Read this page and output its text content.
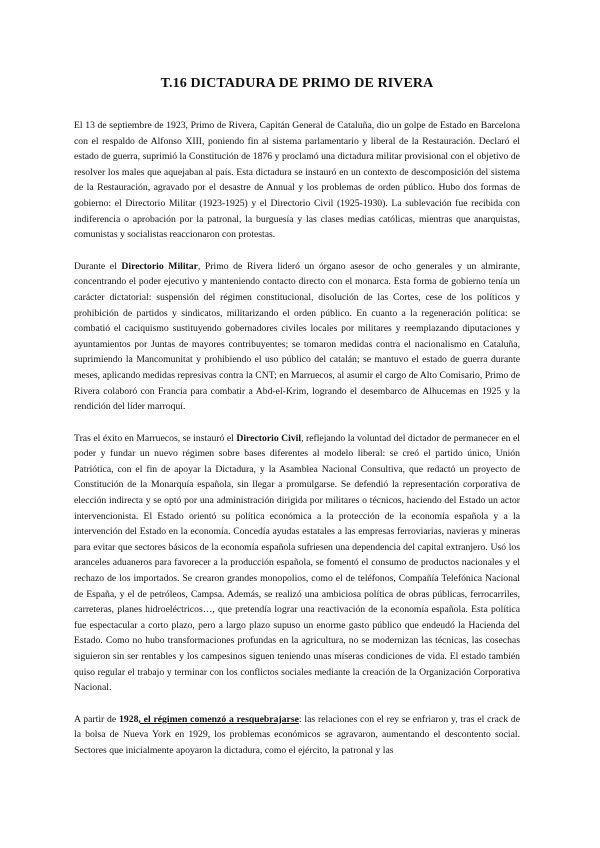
T.16 DICTADURA DE PRIMO DE RIVERA

El 13 de septiembre de 1923, Primo de Rivera, Capitán General de Cataluña, dio un golpe de Estado en Barcelona con el respaldo de Alfonso XIII, poniendo fin al sistema parlamentario y liberal de la Restauración. Declaró el estado de guerra, suprimió la Constitución de 1876 y proclamó una dictadura militar provisional con el objetivo de resolver los males que aquejaban al país. Esta dictadura se instauró en un contexto de descomposición del sistema de la Restauración, agravado por el desastre de Annual y los problemas de orden público. Hubo dos formas de gobierno: el Directorio Militar (1923-1925) y el Directorio Civil (1925-1930). La sublevación fue recibida con indiferencia o aprobación por la patronal, la burguesía y las clases medias católicas, mientras que anarquistas, comunistas y socialistas reaccionaron con protestas.

Durante el Directorio Militar, Primo de Rivera lideró un órgano asesor de ocho generales y un almirante, concentrando el poder ejecutivo y manteniendo contacto directo con el monarca. Esta forma de gobierno tenía un carácter dictatorial: suspensión del régimen constitucional, disolución de las Cortes, cese de los políticos y prohibición de partidos y sindicatos, militarizando el orden público. En cuanto a la regeneración política: se combatió el caciquismo sustituyendo gobernadores civiles locales por militares y reemplazando diputaciones y ayuntamientos por Juntas de mayores contribuyentes; se tomaron medidas contra el nacionalismo en Cataluña, suprimiendo la Mancomunitat y prohibiendo el uso público del catalán; se mantuvo el estado de guerra durante meses, aplicando medidas represivas contra la CNT; en Marruecos, al asumir el cargo de Alto Comisario, Primo de Rivera colaboró con Francia para combatir a Abd-el-Krim, logrando el desembarco de Alhucemas en 1925 y la rendición del líder marroquí.

Tras el éxito en Marruecos, se instauró el Directorio Civil, reflejando la voluntad del dictador de permanecer en el poder y fundar un nuevo régimen sobre bases diferentes al modelo liberal: se creó el partido único, Unión Patriótica, con el fin de apoyar la Dictadura, y la Asamblea Nacional Consultiva, que redactó un proyecto de Constitución de la Monarquía española, sin llegar a promulgarse. Se defendió la representación corporativa de elección indirecta y se optó por una administración dirigida por militares o técnicos, haciendo del Estado un actor intervencionista. El Estado orientó su política económica a la protección de la economía española y a la intervención del Estado en la economía. Concedía ayudas estatales a las empresas ferroviarias, navieras y mineras para evitar que sectores básicos de la economía española sufriesen una dependencia del capital extranjero. Usó los aranceles aduaneros para favorecer a la producción española, se fomentó el consumo de productos nacionales y el rechazo de los importados. Se crearon grandes monopolios, como el de teléfonos, Compañía Telefónica Nacional de España, y el de petróleos, Campsa. Además, se realizó una ambiciosa política de obras públicas, ferrocarriles, carreteras, planes hidroeléctricos…, que pretendía lograr una reactivación de la economía española. Esta política fue espectacular a corto plazo, pero a largo plazo supuso un enorme gasto público que endeudó la Hacienda del Estado. Como no hubo transformaciones profundas en la agricultura, no se modernizan las técnicas, las cosechas siguieron sin ser rentables y los campesinos siguen teniendo unas míseras condiciones de vida. El estado también quiso regular el trabajo y terminar con los conflictos sociales mediante la creación de la Organización Corporativa Nacional.

A partir de 1928, el régimen comenzó a resquebrajarse: las relaciones con el rey se enfriaron y, tras el crack de la bolsa de Nueva York en 1929, los problemas económicos se agravaron, aumentando el descontento social. Sectores que inicialmente apoyaron la dictadura, como el ejército, la patronal y las
